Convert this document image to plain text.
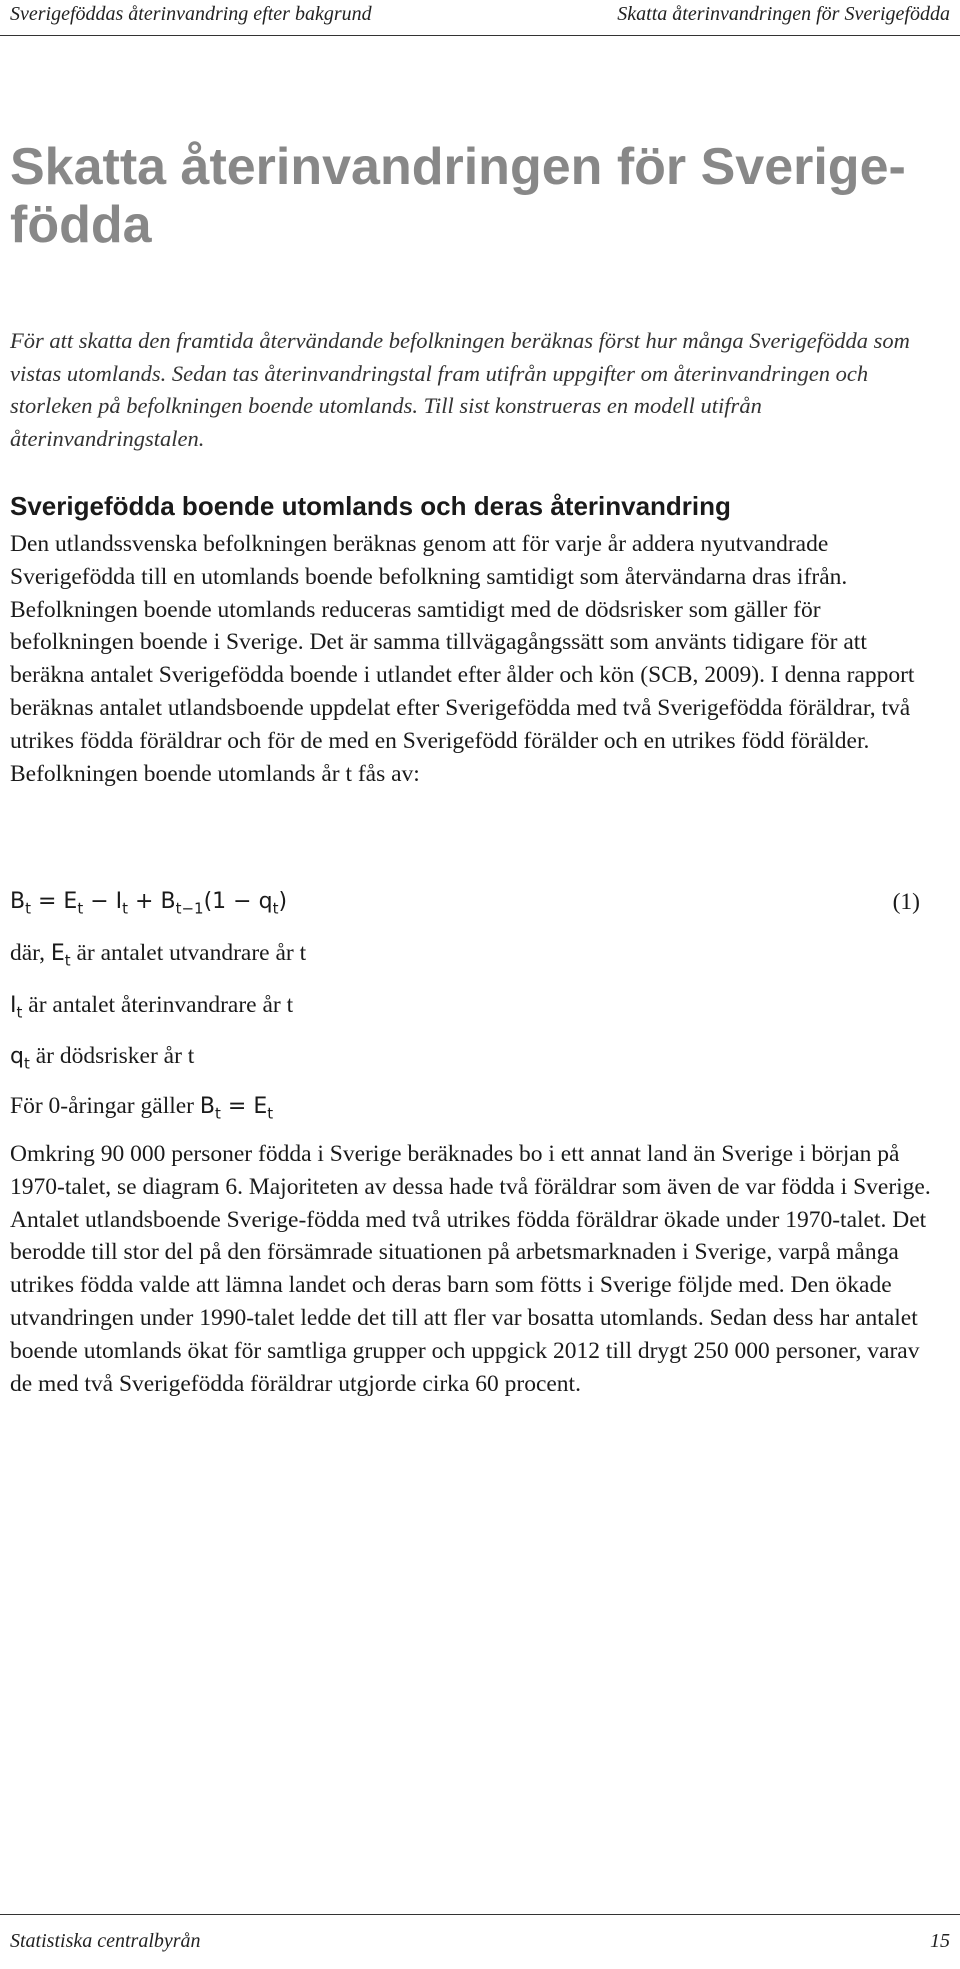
Sverigeföddas återinvandring efter bakgrund	Skatta återinvandringen för Sverigefödda
Skatta återinvandringen för Sverige-födda

För att skatta den framtida återvändande befolkningen beräknas först hur många Sverigefödda som vistas utomlands. Sedan tas återinvandringstal fram utifrån uppgifter om återinvandringen och storleken på befolkningen boende utomlands. Till sist konstrueras en modell utifrån återinvandringstalen.

Sverigefödda boende utomlands och deras återinvandring

Den utlandssvenska befolkningen beräknas genom att för varje år addera nyutvandrade Sverigefödda till en utomlands boende befolkning samtidigt som återvändarna dras ifrån. Befolkningen boende utomlands reduceras samtidigt med de dödsrisker som gäller för befolkningen boende i Sverige. Det är samma tillvägagångssätt som använts tidigare för att beräkna antalet Sverigefödda boende i utlandet efter ålder och kön (SCB, 2009). I denna rapport beräknas antalet utlandsboende uppdelat efter Sverigefödda med två Sverigefödda föräldrar, två utrikes födda föräldrar och för de med en Sverigefödd förälder och en utrikes född förälder. Befolkningen boende utomlands år t fås av:

$B_t = E_t - I_t + B_{t-1}(1 - q_t)$	(1)
där, $E_t$ är antalet utvandrare år t
$I_t$ är antalet återinvandrare år t
$q_t$ är dödsrisker år t
För 0-åringar gäller $B_t = E_t$

Omkring 90 000 personer födda i Sverige beräknades bo i ett annat land än Sverige i början på 1970-talet, se diagram 6. Majoriteten av dessa hade två föräldrar som även de var födda i Sverige. Antalet utlandsboende Sverige-födda med två utrikes födda föräldrar ökade under 1970-talet. Det berodde till stor del på den försämrade situationen på arbetsmarknaden i Sverige, varpå många utrikes födda valde att lämna landet och deras barn som fötts i Sverige följde med. Den ökade utvandringen under 1990-talet ledde det till att fler var bosatta utomlands. Sedan dess har antalet boende utomlands ökat för samtliga grupper och uppgick 2012 till drygt 250 000 personer, varav de med två Sverigefödda föräldrar utgjorde cirka 60 procent.

Statistiska centralbyrån	15
